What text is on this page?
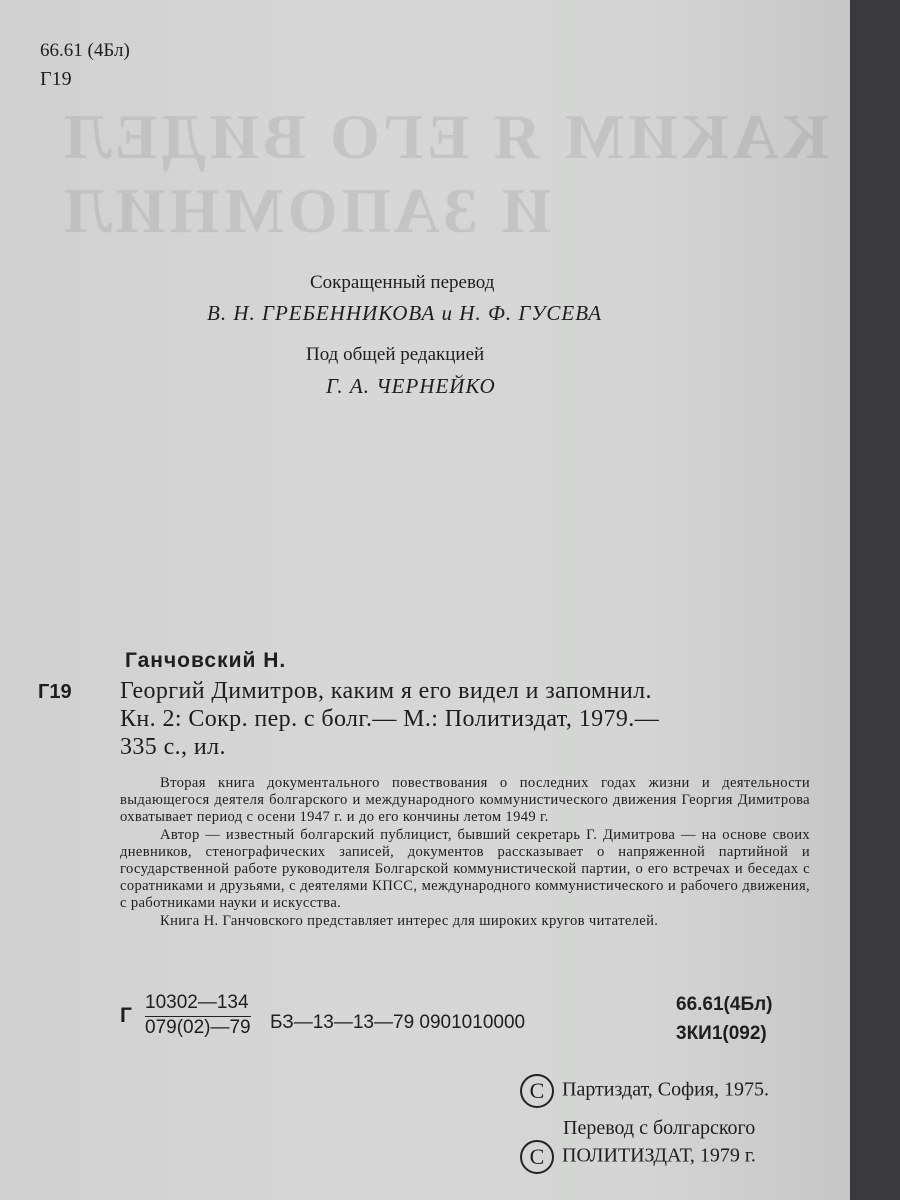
КАКИМ Я ЕГО ВИДЕЛ
И ЗАПОМНИЛ
66.61 (4Бл)
Г19
Сокращенный перевод
В. Н. ГРЕБЕННИКОВА и Н. Ф. ГУСЕВА
Под общей редакцией
Г. А. ЧЕРНЕЙКО
Ганчовский Н.
Г19 Георгий Димитров, каким я его видел и запомнил.
Кн. 2: Сокр. пер. с болг.— М.: Политиздат, 1979.—
335 с., ил.

Вторая книга документального повествования о последних годах жизни и деятельности выдающегося деятеля болгарского и международного коммунистического движения Георгия Димитрова охватывает период с осени 1947 г. и до его кончины летом 1949 г.

Автор — известный болгарский публицист, бывший секретарь Г. Димитрова — на основе своих дневников, стенографических записей, документов рассказывает о напряженной партийной и государственной работе руководителя Болгарской коммунистической партии, о его встречах и беседах с соратниками и друзьями, с деятелями КПСС, международного коммунистического и рабочего движения, с работниками науки и искусства.

Книга Н. Ганчовского представляет интерес для широких кругов читателей.

Г $\frac{10302—134}{079(02)—79}$ БЗ—13—13—79 0901010000
66.61(4Бл)
3КИ1(092)
C Партиздат, София, 1975.
Перевод с болгарского
C ПОЛИТИЗДАТ, 1979 г.
